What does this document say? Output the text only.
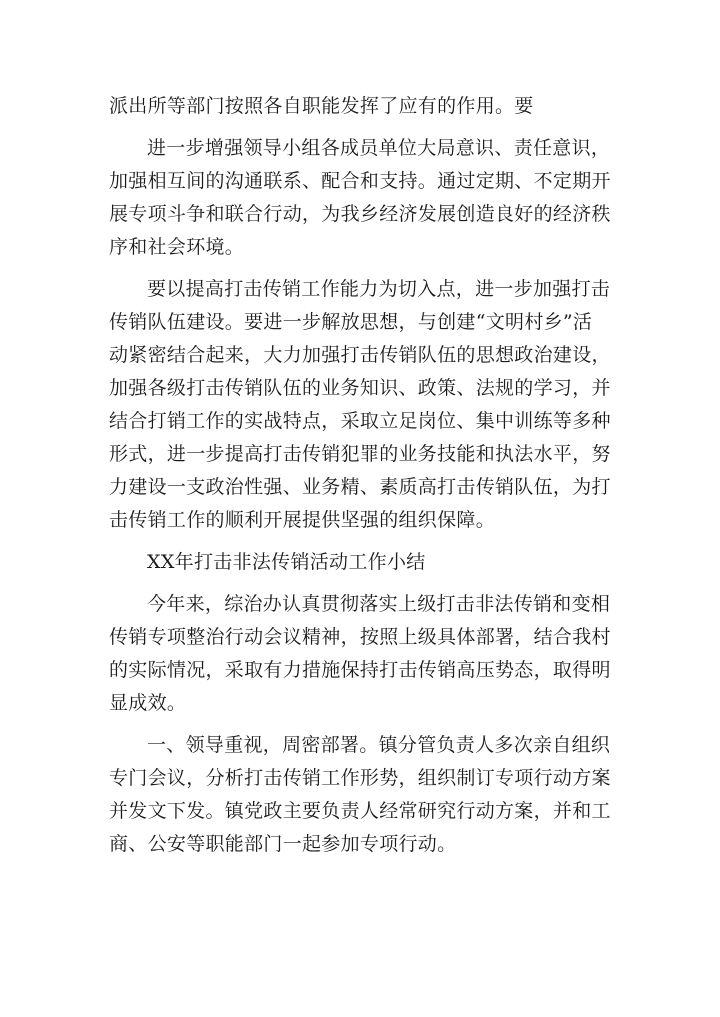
派出所等部门按照各自职能发挥了应有的作用。要
进一步增强领导小组各成员单位大局意识、责任意识，
加强相互间的沟通联系、配合和支持。通过定期、不定期开
展专项斗争和联合行动，为我乡经济发展创造良好的经济秩
序和社会环境。
要以提高打击传销工作能力为切入点，进一步加强打击
传销队伍建设。要进一步解放思想，与创建“文明村乡”活
动紧密结合起来，大力加强打击传销队伍的思想政治建设，
加强各级打击传销队伍的业务知识、政策、法规的学习，并
结合打销工作的实战特点，采取立足岗位、集中训练等多种
形式，进一步提高打击传销犯罪的业务技能和执法水平，努
力建设一支政治性强、业务精、素质高打击传销队伍，为打
击传销工作的顺利开展提供坚强的组织保障。
XX年打击非法传销活动工作小结
今年来，综治办认真贯彻落实上级打击非法传销和变相
传销专项整治行动会议精神，按照上级具体部署，结合我村
的实际情况，采取有力措施保持打击传销高压势态，取得明
显成效。
一、领导重视，周密部署。镇分管负责人多次亲自组织
专门会议，分析打击传销工作形势，组织制订专项行动方案
并发文下发。镇党政主要负责人经常研究行动方案，并和工
商、公安等职能部门一起参加专项行动。
